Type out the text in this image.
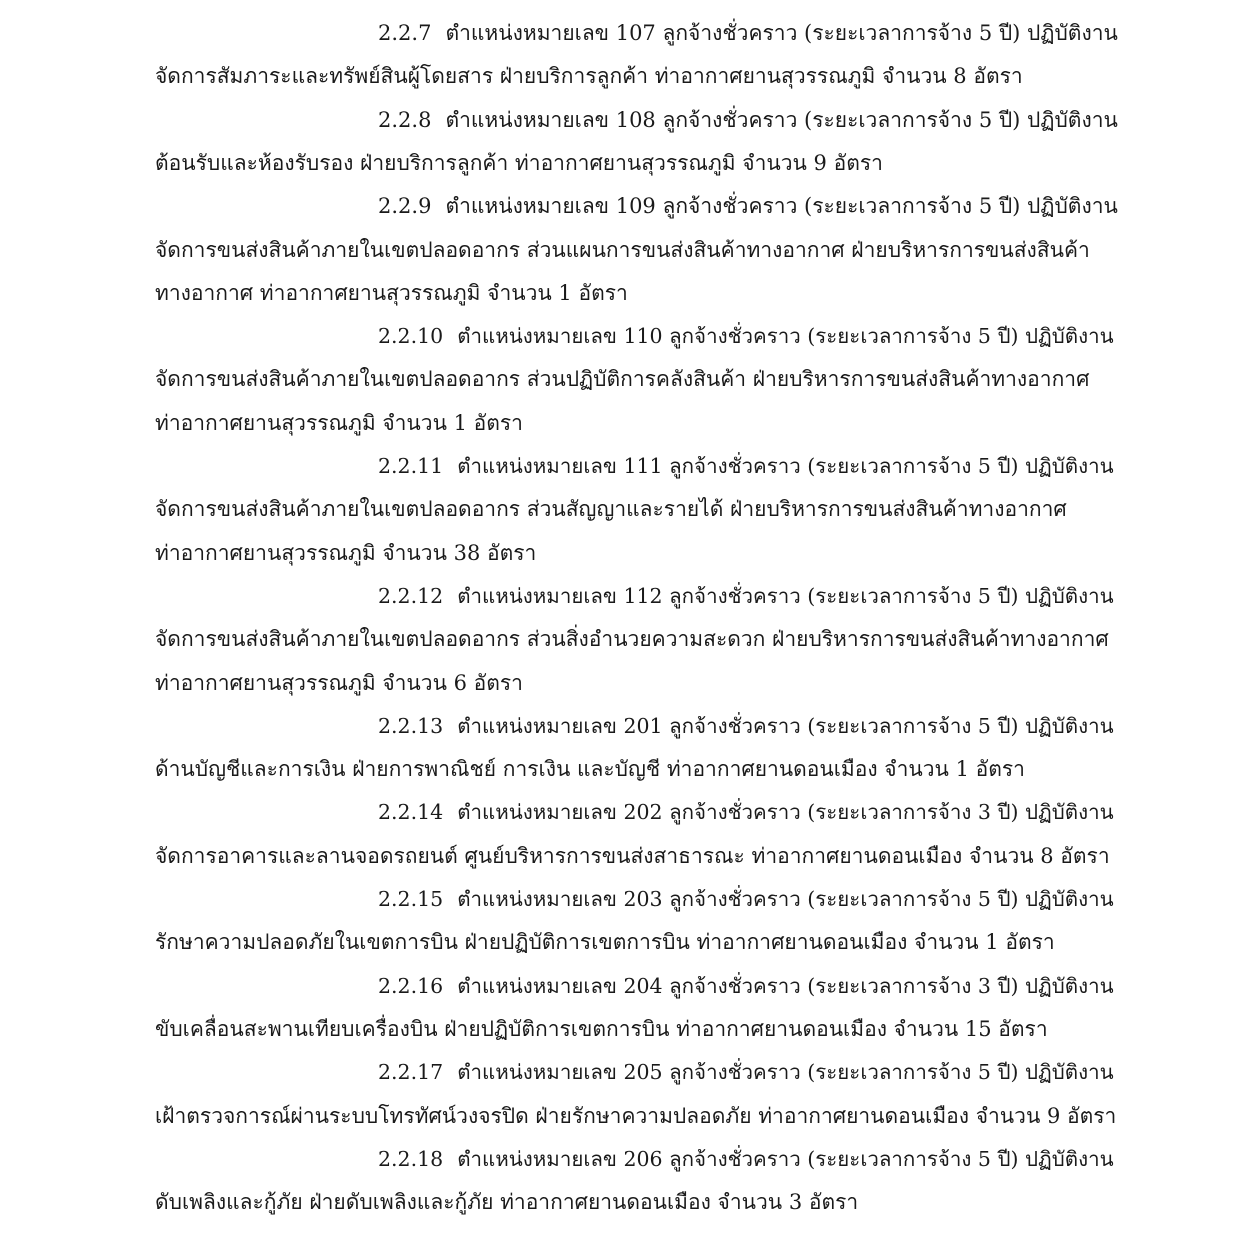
2.2.7 ตำแหน่งหมายเลข 107 ลูกจ้างชั่วคราว (ระยะเวลาการจ้าง 5 ปี) ปฏิบัติงาน
จัดการสัมภาระและทรัพย์สินผู้โดยสาร ฝ่ายบริการลูกค้า ท่าอากาศยานสุวรรณภูมิ จำนวน 8 อัตรา
2.2.8 ตำแหน่งหมายเลข 108 ลูกจ้างชั่วคราว (ระยะเวลาการจ้าง 5 ปี) ปฏิบัติงาน
ต้อนรับและห้องรับรอง ฝ่ายบริการลูกค้า ท่าอากาศยานสุวรรณภูมิ จำนวน 9 อัตรา
2.2.9 ตำแหน่งหมายเลข 109 ลูกจ้างชั่วคราว (ระยะเวลาการจ้าง 5 ปี) ปฏิบัติงาน
จัดการขนส่งสินค้าภายในเขตปลอดอากร ส่วนแผนการขนส่งสินค้าทางอากาศ ฝ่ายบริหารการขนส่งสินค้า
ทางอากาศ ท่าอากาศยานสุวรรณภูมิ จำนวน 1 อัตรา
2.2.10 ตำแหน่งหมายเลข 110 ลูกจ้างชั่วคราว (ระยะเวลาการจ้าง 5 ปี) ปฏิบัติงาน
จัดการขนส่งสินค้าภายในเขตปลอดอากร ส่วนปฏิบัติการคลังสินค้า ฝ่ายบริหารการขนส่งสินค้าทางอากาศ
ท่าอากาศยานสุวรรณภูมิ จำนวน 1 อัตรา
2.2.11 ตำแหน่งหมายเลข 111 ลูกจ้างชั่วคราว (ระยะเวลาการจ้าง 5 ปี) ปฏิบัติงาน
จัดการขนส่งสินค้าภายในเขตปลอดอากร ส่วนสัญญาและรายได้ ฝ่ายบริหารการขนส่งสินค้าทางอากาศ
ท่าอากาศยานสุวรรณภูมิ จำนวน 38 อัตรา
2.2.12 ตำแหน่งหมายเลข 112 ลูกจ้างชั่วคราว (ระยะเวลาการจ้าง 5 ปี) ปฏิบัติงาน
จัดการขนส่งสินค้าภายในเขตปลอดอากร ส่วนสิ่งอำนวยความสะดวก ฝ่ายบริหารการขนส่งสินค้าทางอากาศ
ท่าอากาศยานสุวรรณภูมิ จำนวน 6 อัตรา
2.2.13 ตำแหน่งหมายเลข 201 ลูกจ้างชั่วคราว (ระยะเวลาการจ้าง 5 ปี) ปฏิบัติงาน
ด้านบัญชีและการเงิน ฝ่ายการพาณิชย์ การเงิน และบัญชี ท่าอากาศยานดอนเมือง จำนวน 1 อัตรา
2.2.14 ตำแหน่งหมายเลข 202 ลูกจ้างชั่วคราว (ระยะเวลาการจ้าง 3 ปี) ปฏิบัติงาน
จัดการอาคารและลานจอดรถยนต์ ศูนย์บริหารการขนส่งสาธารณะ ท่าอากาศยานดอนเมือง จำนวน 8 อัตรา
2.2.15 ตำแหน่งหมายเลข 203 ลูกจ้างชั่วคราว (ระยะเวลาการจ้าง 5 ปี) ปฏิบัติงาน
รักษาความปลอดภัยในเขตการบิน ฝ่ายปฏิบัติการเขตการบิน ท่าอากาศยานดอนเมือง จำนวน 1 อัตรา
2.2.16 ตำแหน่งหมายเลข 204 ลูกจ้างชั่วคราว (ระยะเวลาการจ้าง 3 ปี) ปฏิบัติงาน
ขับเคลื่อนสะพานเทียบเครื่องบิน ฝ่ายปฏิบัติการเขตการบิน ท่าอากาศยานดอนเมือง จำนวน 15 อัตรา
2.2.17 ตำแหน่งหมายเลข 205 ลูกจ้างชั่วคราว (ระยะเวลาการจ้าง 5 ปี) ปฏิบัติงาน
เฝ้าตรวจการณ์ผ่านระบบโทรทัศน์วงจรปิด ฝ่ายรักษาความปลอดภัย ท่าอากาศยานดอนเมือง จำนวน 9 อัตรา
2.2.18 ตำแหน่งหมายเลข 206 ลูกจ้างชั่วคราว (ระยะเวลาการจ้าง 5 ปี) ปฏิบัติงาน
ดับเพลิงและกู้ภัย ฝ่ายดับเพลิงและกู้ภัย ท่าอากาศยานดอนเมือง จำนวน 3 อัตรา
